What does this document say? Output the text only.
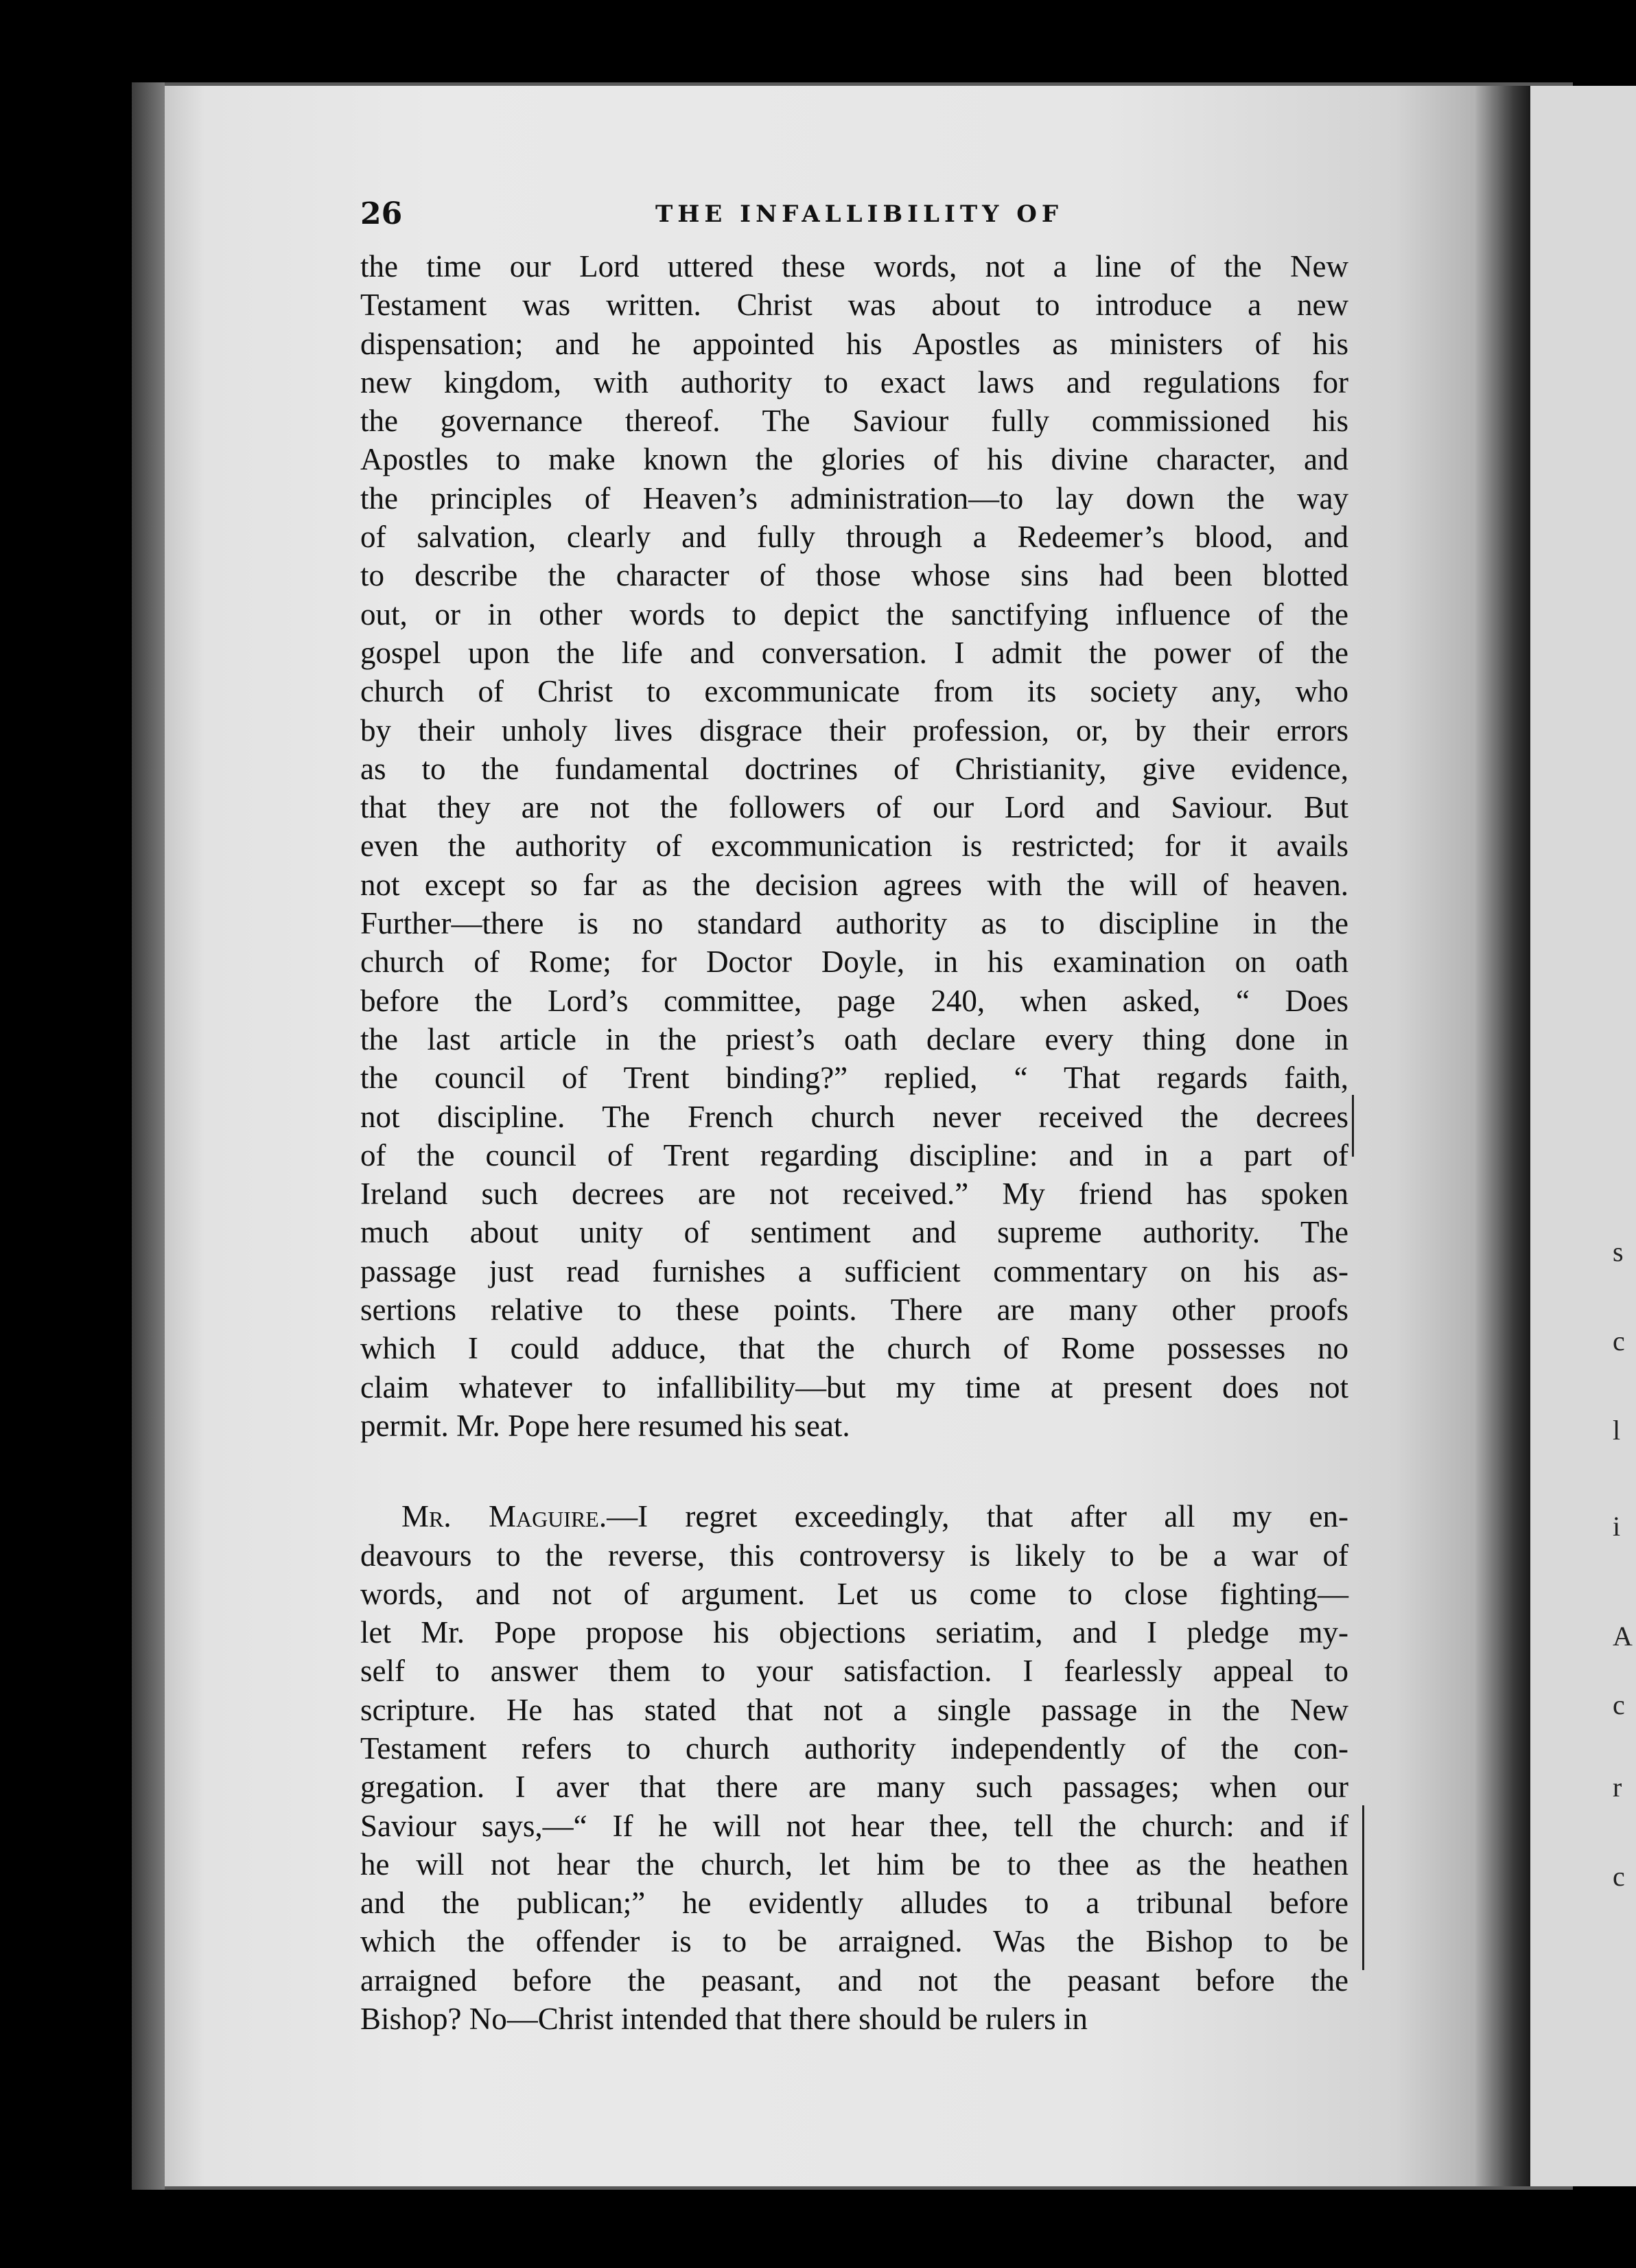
26	THE INFALLIBILITY OF
the time our Lord uttered these words, not a line of the New
Testament was written. Christ was about to introduce a new
dispensation; and he appointed his Apostles as ministers of his
new kingdom, with authority to exact laws and regulations for
the governance thereof. The Saviour fully commissioned his
Apostles to make known the glories of his divine character, and
the principles of Heaven’s administration—to lay down the way
of salvation, clearly and fully through a Redeemer’s blood, and
to describe the character of those whose sins had been blotted
out, or in other words to depict the sanctifying influence of the
gospel upon the life and conversation. I admit the power of the
church of Christ to excommunicate from its society any, who
by their unholy lives disgrace their profession, or, by their errors
as to the fundamental doctrines of Christianity, give evidence,
that they are not the followers of our Lord and Saviour. But
even the authority of excommunication is restricted; for it avails
not except so far as the decision agrees with the will of heaven.
Further—there is no standard authority as to discipline in the
church of Rome; for Doctor Doyle, in his examination on oath
before the Lord’s committee, page 240, when asked, “ Does
the last article in the priest’s oath declare every thing done in
the council of Trent binding?” replied, “ That regards faith,
not discipline. The French church never received the decrees
of the council of Trent regarding discipline: and in a part of
Ireland such decrees are not received.” My friend has spoken
much about unity of sentiment and supreme authority. The
passage just read furnishes a sufficient commentary on his as-
sertions relative to these points. There are many other proofs
which I could adduce, that the church of Rome possesses no
claim whatever to infallibility—but my time at present does not
permit. Mr. Pope here resumed his seat.
Mr. Maguire.—I regret exceedingly, that after all my en-
deavours to the reverse, this controversy is likely to be a war of
words, and not of argument. Let us come to close fighting—
let Mr. Pope propose his objections seriatim, and I pledge my-
self to answer them to your satisfaction. I fearlessly appeal to
scripture. He has stated that not a single passage in the New
Testament refers to church authority independently of the con-
gregation. I aver that there are many such passages; when our
Saviour says,—“ If he will not hear thee, tell the church: and if
he will not hear the church, let him be to thee as the heathen
and the publican;” he evidently alludes to a tribunal before
which the offender is to be arraigned. Was the Bishop to be
arraigned before the peasant, and not the peasant before the
Bishop? No—Christ intended that there should be rulers in
s
c
l
i
A
c
r
c
